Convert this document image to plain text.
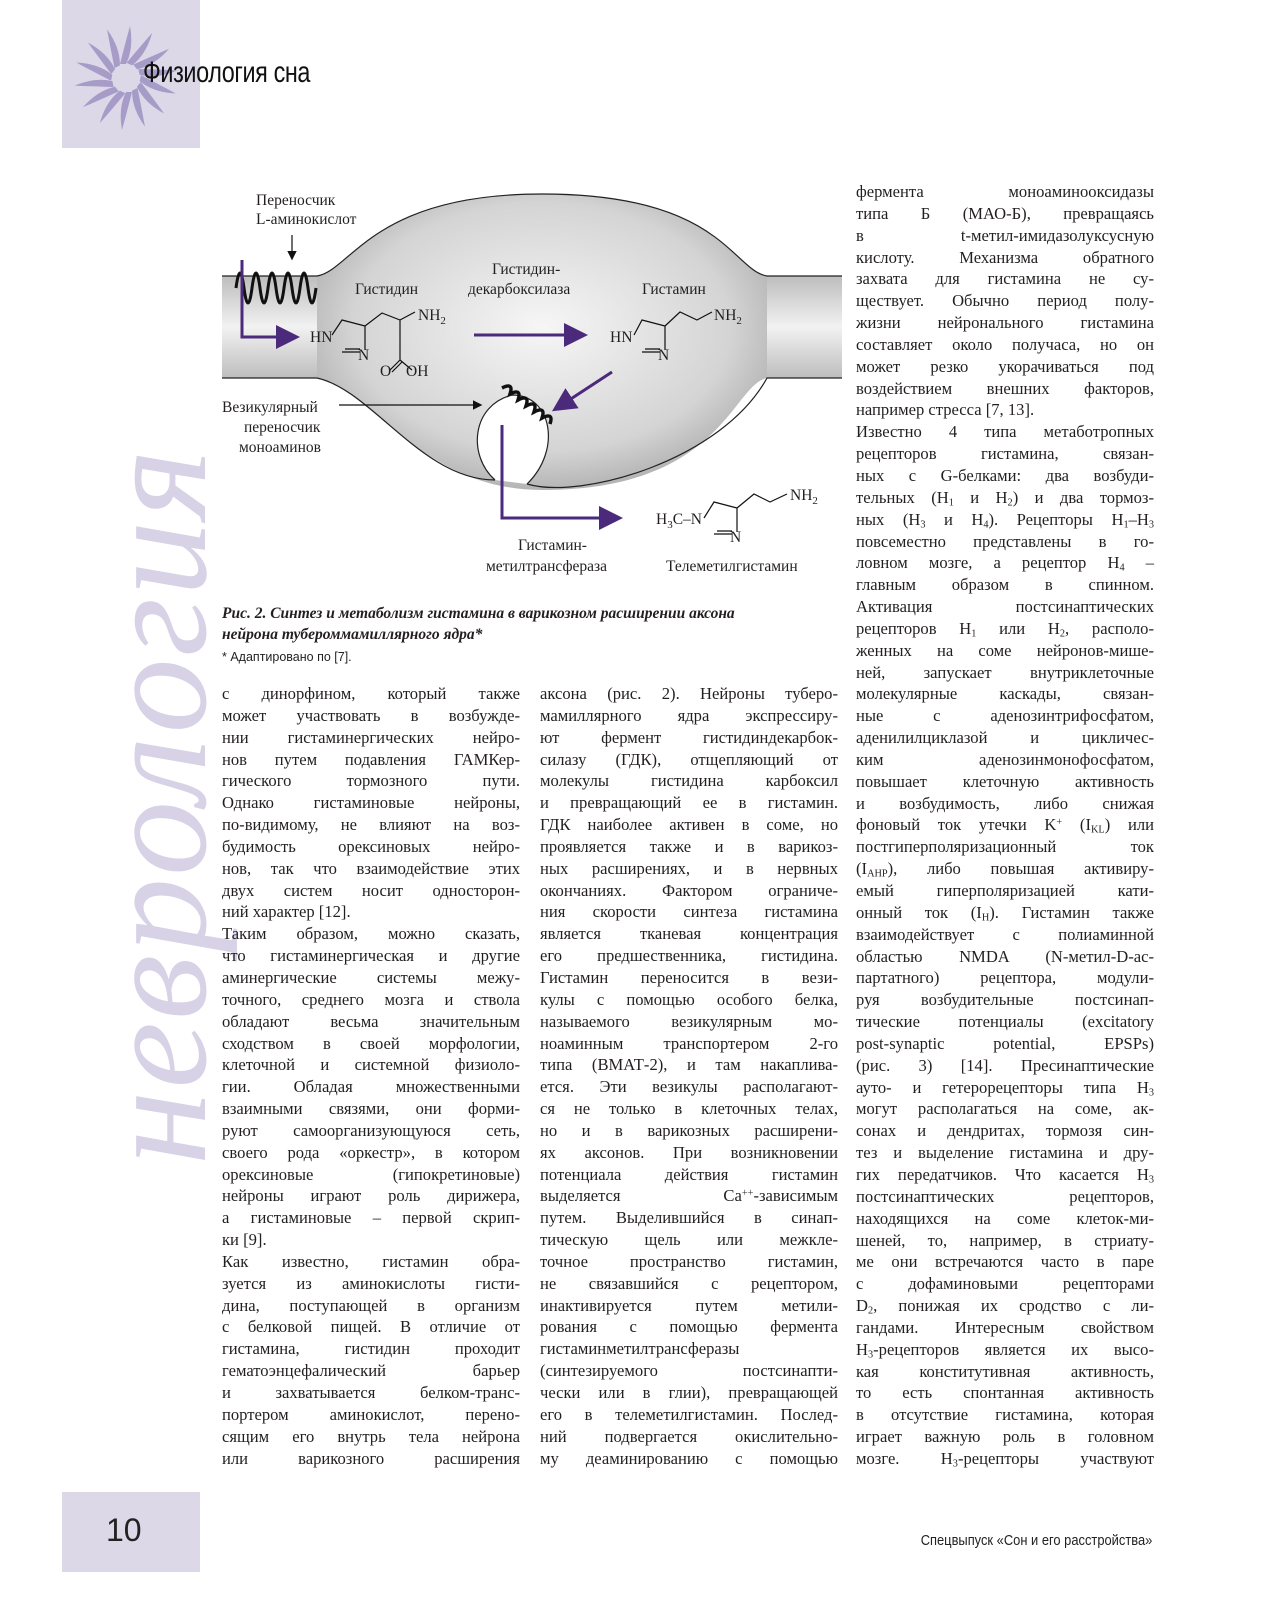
Физиология сна
неврология
Переносчик
L-аминокислот
Гистидин
Гистидин-
декарбоксилаза	Гистамин
Везикулярный
переносчик
моноаминов
Гистамин-
метилтрансфераза	Телеметилгистамин
HN
N
$NH_2$
O OH
HN
N
$NH_2$
$H_3C-N$
N
$NH_2$
Рис. 2. Синтез и метаболизм гистамина в варикозном расширении аксона
нейрона тубероммамиллярного ядра*
* Адаптировано по [7].
с динорфином, который также
может участвовать в возбужде-
нии гистаминергических нейро-
нов путем подавления ГАМКер-
гического тормозного пути.
Однако гистаминовые нейроны,
по-видимому, не влияют на воз-
будимость орексиновых нейро-
нов, так что взаимодействие этих
двух систем носит односторон-
ний характер [12].
Таким образом, можно сказать,
что гистаминергическая и другие
аминергические системы межу-
точного, среднего мозга и ствола
обладают весьма значительным
сходством в своей морфологии,
клеточной и системной физиоло-
гии. Обладая множественными
взаимными связями, они форми-
руют самоорганизующуюся сеть,
своего рода «оркестр», в котором
орексиновые (гипокретиновые)
нейроны играют роль дирижера,
а гистаминовые – первой скрип-
ки [9].
Как известно, гистамин обра-
зуется из аминокислоты гисти-
дина, поступающей в организм
с белковой пищей. В отличие от
гистамина, гистидин проходит
гематоэнцефалический барьер
и захватывается белком-транс-
портером аминокислот, перено-
сящим его внутрь тела нейрона
или варикозного расширения
аксона (рис. 2). Нейроны туберо-
мамиллярного ядра экспрессиру-
ют фермент гистидиндекарбок-
силазу (ГДК), отщепляющий от
молекулы гистидина карбоксил
и превращающий ее в гистамин.
ГДК наиболее активен в соме, но
проявляется также и в варикоз-
ных расширениях, и в нервных
окончаниях. Фактором ограниче-
ния скорости синтеза гистамина
является тканевая концентрация
его предшественника, гистидина.
Гистамин переносится в вези-
кулы с помощью особого белка,
называемого везикулярным мо-
ноаминным транспортером 2-го
типа (ВМАТ-2), и там накаплива-
ется. Эти везикулы располагают-
ся не только в клеточных телах,
но и в варикозных расширени-
ях аксонов. При возникновении
потенциала действия гистамин
выделяется Ca++-зависимым
путем. Выделившийся в синап-
тическую щель или межкле-
точное пространство гистамин,
не связавшийся с рецептором,
инактивируется путем метили-
рования с помощью фермента
гистаминметилтрансферазы
(синтезируемого постсинапти-
чески или в глии), превращающей
его в телеметилгистамин. Послед-
ний подвергается окислительно-
му деаминированию с помощью
фермента моноаминооксидазы
типа Б (МАО-Б), превращаясь
в t-метил-имидазолуксусную
кислоту. Механизма обратного
захвата для гистамина не су-
ществует. Обычно период полу-
жизни нейронального гистамина
составляет около получаса, но он
может резко укорачиваться под
воздействием внешних факторов,
например стресса [7, 13].
Известно 4 типа метаботропных
рецепторов гистамина, связан-
ных с G-белками: два возбуди-
тельных ($H_1$ и $H_2$) и два тормоз-
ных ($H_3$ и $H_4$). Рецепторы $H_1-H_3$
повсеместно представлены в го-
ловном мозге, а рецептор $H_4$ –
главным образом в спинном.
Активация постсинаптических
рецепторов $H_1$ или $H_2$, располо-
женных на соме нейронов-мише-
ней, запускает внутриклеточные
молекулярные каскады, связан-
ные с аденозинтрифосфатом,
аденилилциклазой и цикличес-
ким аденозинмонофосфатом,
повышает клеточную активность
и возбудимость, либо снижая
фоновый ток утечки K+ $(I_{KL})$ или
постгиперполяризационный ток
$(I_{AHP})$, либо повышая активиру-
емый гиперполяризацией кати-
онный ток $(I_H)$. Гистамин также
взаимодействует с полиаминной
областью NMDA (N-метил-D-ас-
партатного) рецептора, модули-
руя возбудительные постсинап-
тические потенциалы (excitatory
post-synaptic potential, EPSPs)
(рис. 3) [14]. Пресинаптические
ауто- и гетерорецепторы типа $H_3$
могут располагаться на соме, ак-
сонах и дендритах, тормозя син-
тез и выделение гистамина и дру-
гих передатчиков. Что касается $H_3$
постсинаптических рецепторов,
находящихся на соме клеток-ми-
шеней, то, например, в стриату-
ме они встречаются часто в паре
с дофаминовыми рецепторами
$D_2$, понижая их сродство с ли-
гандами. Интересным свойством
$H_3$-рецепторов является их высо-
кая конститутивная активность,
то есть спонтанная активность
в отсутствие гистамина, которая
играет важную роль в головном
мозге. $H_3$-рецепторы участвуют
10	Спецвыпуск «Сон и его расстройства»
